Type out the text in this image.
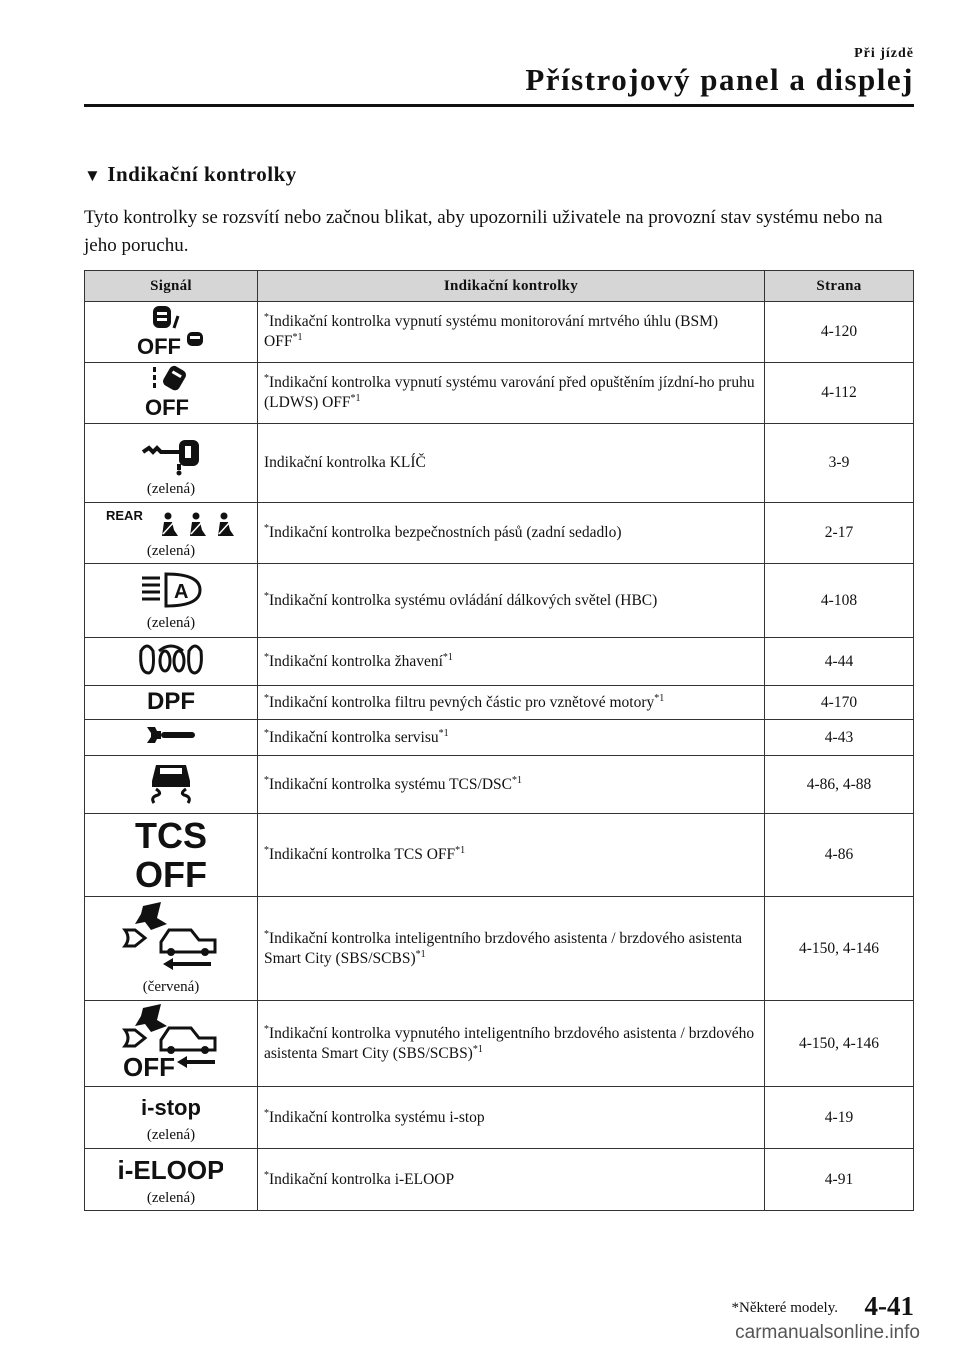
Při jízdě
Přístrojový panel a displej
▼ Indikační kontrolky
Tyto kontrolky se rozsvítí nebo začnou blikat, aby upozornili uživatele na provozní stav systému nebo na jeho poruchu.
Signál	Indikační kontrolky	Strana

OFF	*Indikační kontrolka vypnutí systému monitorování mrtvého úhlu (BSM) OFF$^{*1}$	4-120

OFF	*Indikační kontrolka vypnutí systému varování před opuštěním jízdní-ho pruhu (LDWS) OFF$^{*1}$	4-112

(zelená)	Indikační kontrolka KLÍČ	3-9

REAR
(zelená)	*Indikační kontrolka bezpečnostních pásů (zadní sedadlo)	2-17

A
(zelená)	*Indikační kontrolka systému ovládání dálkových světel (HBC)	4-108
	*Indikační kontrolka žhavení$^{*1}$	4-44

DPF	*Indikační kontrolka filtru pevných částic pro vznětové motory$^{*1}$	4-170
	*Indikační kontrolka servisu$^{*1}$	4-43
	*Indikační kontrolka systému TCS/DSC$^{*1}$	4-86, 4-88

TCS
OFF	*Indikační kontrolka TCS OFF$^{*1}$	4-86

(červená)	*Indikační kontrolka inteligentního brzdového asistenta / brzdového asistenta Smart City (SBS/SCBS)$^{*1}$	4-150, 4-146

OFF	*Indikační kontrolka vypnutého inteligentního brzdového asistenta / brzdového asistenta Smart City (SBS/SCBS)$^{*1}$	4-150, 4-146

i-stop
(zelená)	*Indikační kontrolka systému i-stop	4-19

i-ELOOP
(zelená)	*Indikační kontrolka i-ELOOP	4-91
*Některé modely. 4-41
carmanualsonline.info
